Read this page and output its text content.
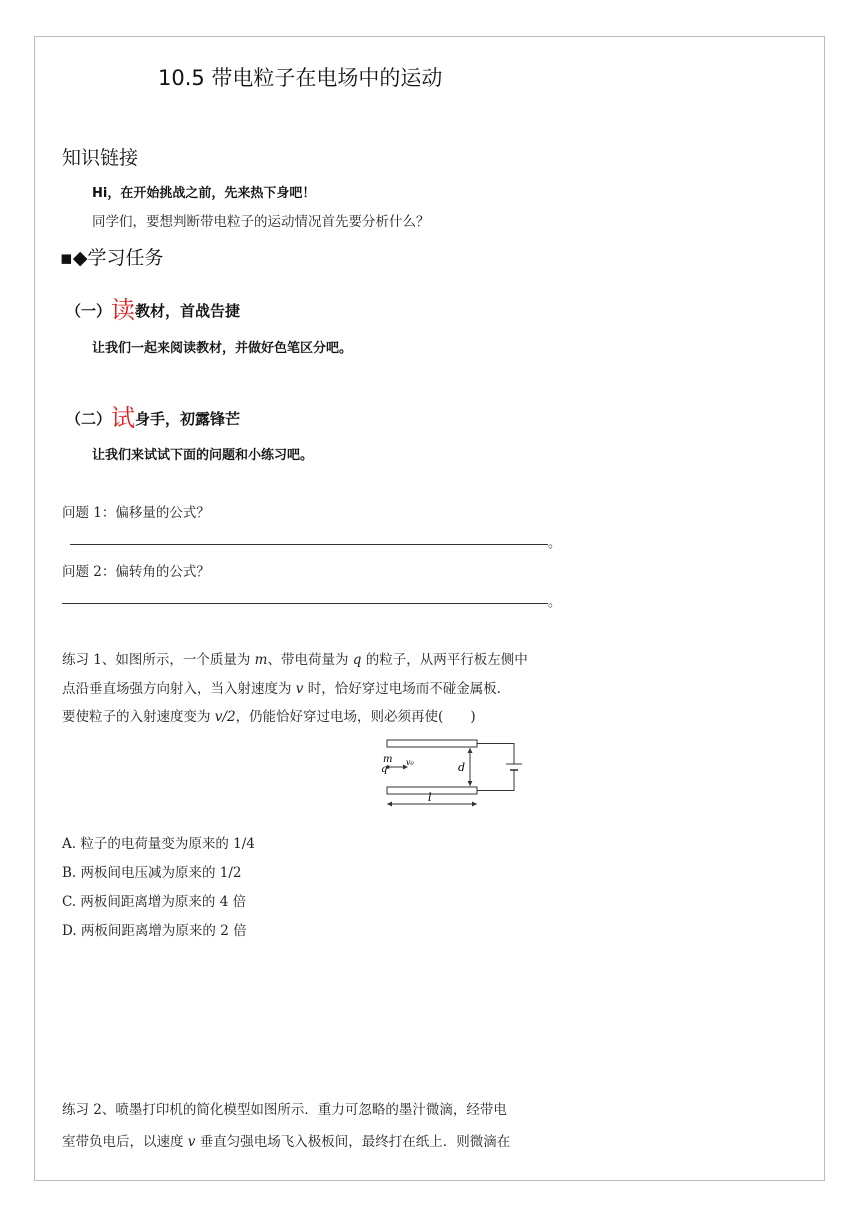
10.5 带电粒子在电场中的运动
知识链接
Hi，在开始挑战之前，先来热下身吧！
同学们，要想判断带电粒子的运动情况首先要分析什么？
▪◆学习任务
（一）读教材，首战告捷
让我们一起来阅读教材，并做好色笔区分吧。
（二）试身手，初露锋芒
让我们来试试下面的问题和小练习吧。
问题 1：偏移量的公式？
。
问题 2：偏转角的公式？
。
练习 1、如图所示，一个质量为 m、带电荷量为 q 的粒子，从两平行板左侧中
点沿垂直场强方向射入，当入射速度为 v 时，恰好穿过电场而不碰金属板．
要使粒子的入射速度变为 v/2，仍能恰好穿过电场，则必须再使(　　)
d
m
q
v₀
l
A. 粒子的电荷量变为原来的 1/4
B. 两板间电压减为原来的 1/2
C. 两板间距离增为原来的 4 倍
D. 两板间距离增为原来的 2 倍
练习 2、喷墨打印机的简化模型如图所示．重力可忽略的墨汁微滴，经带电
室带负电后，以速度 v 垂直匀强电场飞入极板间，最终打在纸上．则微滴在
